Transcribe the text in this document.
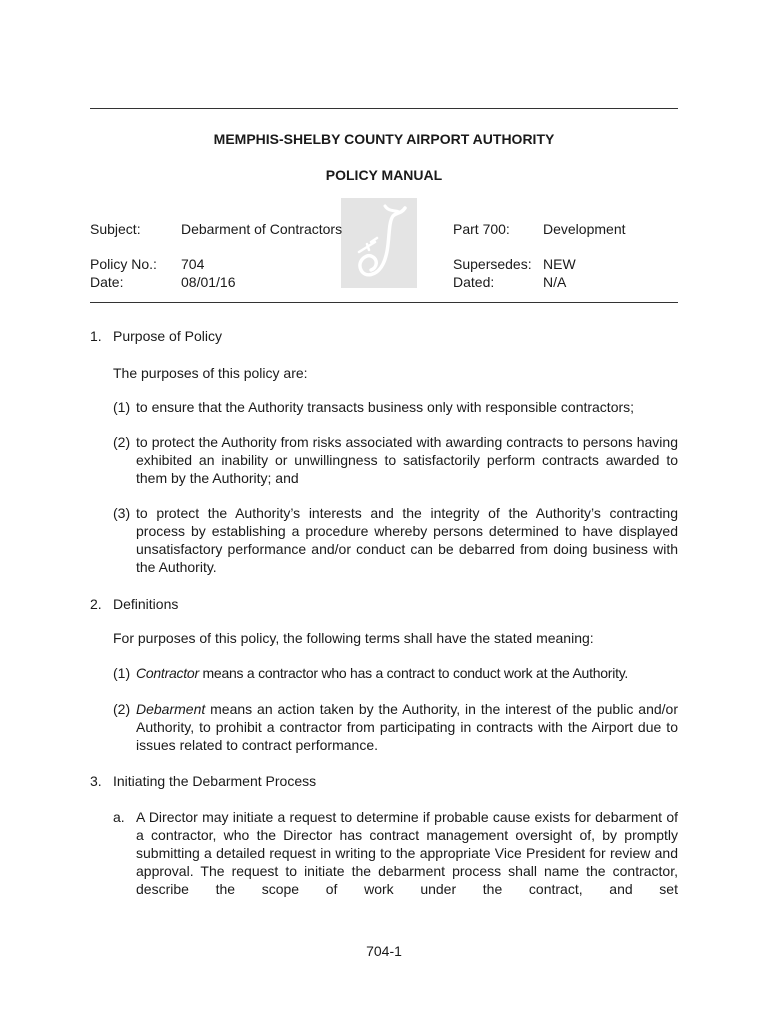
MEMPHIS-SHELBY COUNTY AIRPORT AUTHORITY
POLICY MANUAL
Subject:	Debarment of Contractors	Part 700: Development
Policy No.: 704	Supersedes: NEW
Date:	08/01/16	Dated:	N/A
1. Purpose of Policy
The purposes of this policy are:
(1) to ensure that the Authority transacts business only with responsible contractors;
(2) to protect the Authority from risks associated with awarding contracts to persons having exhibited an inability or unwillingness to satisfactorily perform contracts awarded to them by the Authority; and
(3) to protect the Authority’s interests and the integrity of the Authority’s contracting process by establishing a procedure whereby persons determined to have displayed unsatisfactory performance and/or conduct can be debarred from doing business with the Authority.
2. Definitions
For purposes of this policy, the following terms shall have the stated meaning:
(1) Contractor means a contractor who has a contract to conduct work at the Authority.
(2) Debarment means an action taken by the Authority, in the interest of the public and/or Authority, to prohibit a contractor from participating in contracts with the Airport due to issues related to contract performance.
3. Initiating the Debarment Process
a. A Director may initiate a request to determine if probable cause exists for debarment of a contractor, who the Director has contract management oversight of, by promptly submitting a detailed request in writing to the appropriate Vice President for review and approval. The request to initiate the debarment process shall name the contractor, describe the scope of work under the contract, and set
704-1
